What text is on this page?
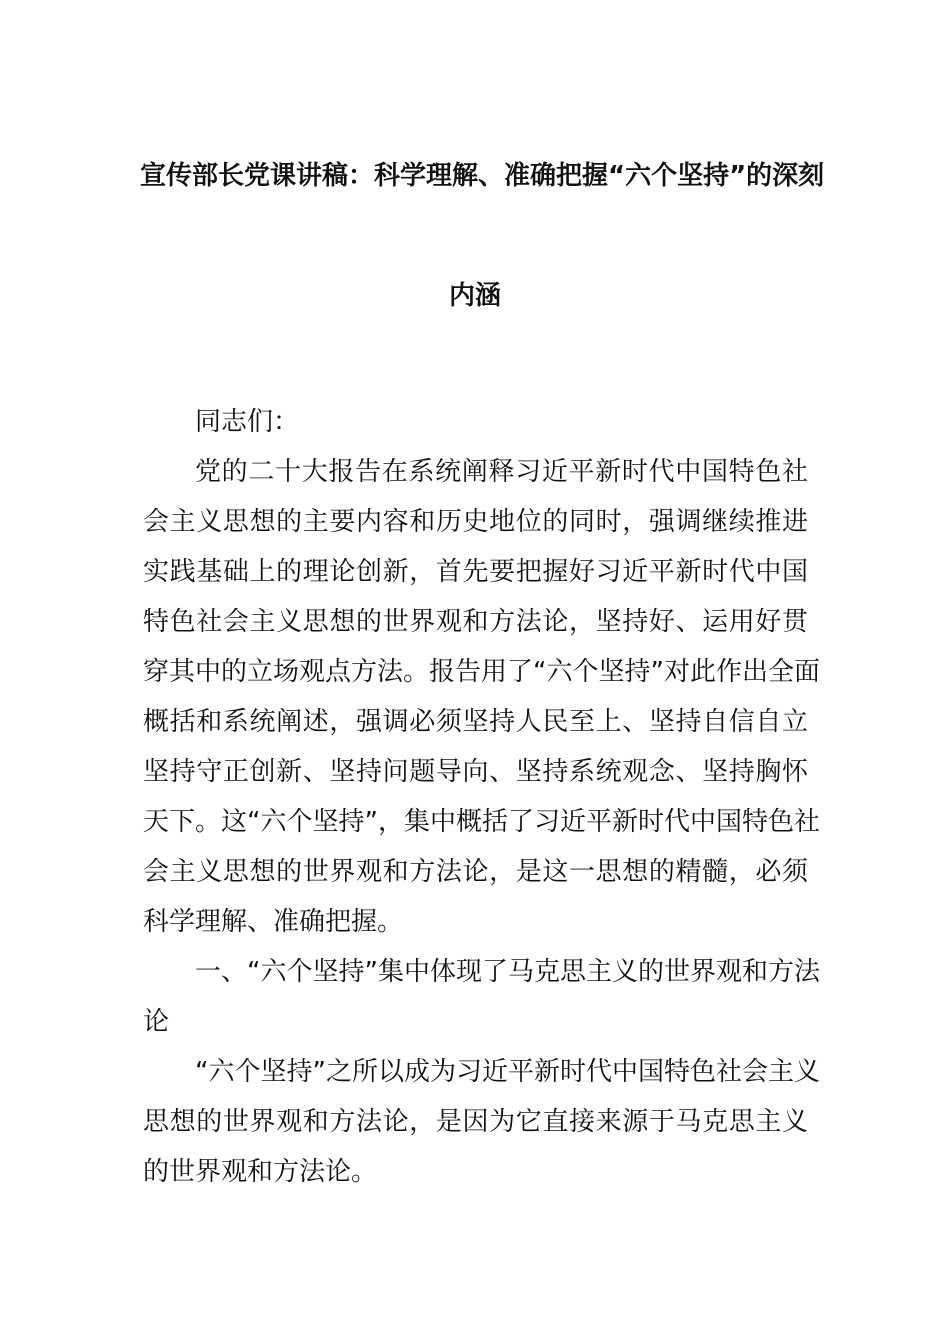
宣传部长党课讲稿：科学理解、准确把握“六个坚持”的深刻
内涵
同志们：
党的二十大报告在系统阐释习近平新时代中国特色社
会主义思想的主要内容和历史地位的同时，强调继续推进
实践基础上的理论创新，首先要把握好习近平新时代中国
特色社会主义思想的世界观和方法论，坚持好、运用好贯
穿其中的立场观点方法。报告用了“六个坚持”对此作出全面
概括和系统阐述，强调必须坚持人民至上、坚持自信自立
坚持守正创新、坚持问题导向、坚持系统观念、坚持胸怀
天下。这“六个坚持”，集中概括了习近平新时代中国特色社
会主义思想的世界观和方法论，是这一思想的精髓，必须
科学理解、准确把握。
一、“六个坚持”集中体现了马克思主义的世界观和方法
论
“六个坚持”之所以成为习近平新时代中国特色社会主义
思想的世界观和方法论，是因为它直接来源于马克思主义
的世界观和方法论。
